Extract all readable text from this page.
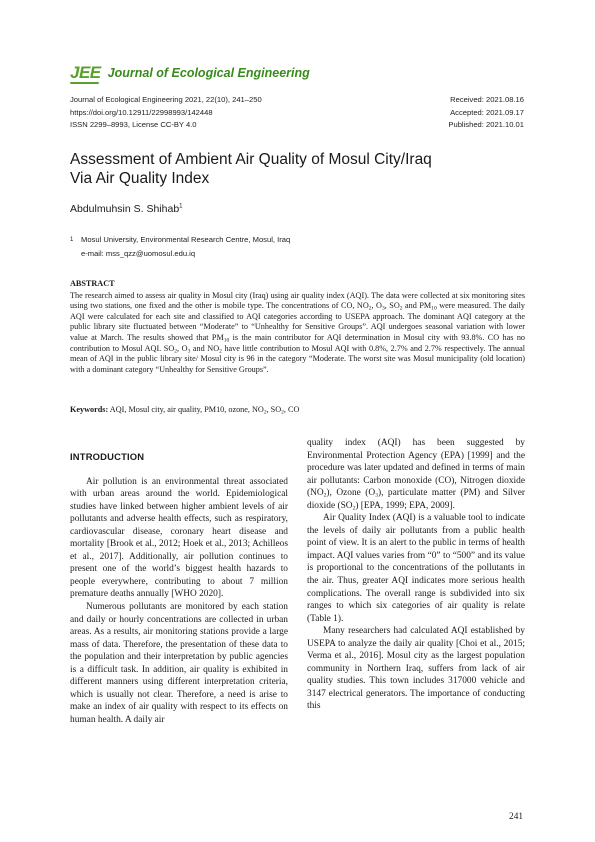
JEE Journal of Ecological Engineering
Journal of Ecological Engineering 2021, 22(10), 241–250
https://doi.org/10.12911/22998993/142448
ISSN 2299–8993, License CC-BY 4.0
Received: 2021.08.16
Accepted: 2021.09.17
Published: 2021.10.01
Assessment of Ambient Air Quality of Mosul City/Iraq
Via Air Quality Index
Abdulmuhsin S. Shihab$^1$
1 Mosul University, Environmental Research Centre, Mosul, Iraq
e-mail: mss_qzz@uomosul.edu.iq
ABSTRACT
The research aimed to assess air quality in Mosul city (Iraq) using air quality index (AQI). The data were collected at six monitoring sites using two stations, one fixed and the other is mobile type. The concentrations of CO, $NO_2$, $O_3$, $SO_2$ and $PM_{10}$ were measured. The daily AQI were calculated for each site and classified to AQI categories according to USEPA approach. The dominant AQI category at the public library site fluctuated between “Moderate” to “Unhealthy for Sensitive Groups”. AQI undergoes seasonal variation with lower value at March. The results showed that $PM_{10}$ is the main contributor for AQI determination in Mosul city with 93.8%. CO has no contribution to Mosul AQI. $SO_2$, $O_3$ and $NO_2$ have little contribution to Mosul AQI with 0.8%, 2.7% and 2.7% respectively. The annual mean of AQI in the public library site/ Mosul city is 96 in the category “Moderate. The worst site was Mosul municipality (old location) with a dominant category “Unhealthy for Sensitive Groups”.
Keywords: AQI, Mosul city, air quality, PM10, ozone, $NO_2$, $SO_2$, CO
INTRODUCTION

Air pollution is an environmental threat associated with urban areas around the world. Epidemiological studies have linked between higher ambient levels of air pollutants and adverse health effects, such as respiratory, cardiovascular disease, coronary heart disease and mortality [Brook et al., 2012; Hoek et al., 2013; Achilleos et al., 2017]. Additionally, air pollution continues to present one of the world’s biggest health hazards to people everywhere, contributing to about 7 million premature deaths annually [WHO 2020].

Numerous pollutants are monitored by each station and daily or hourly concentrations are collected in urban areas. As a results, air monitoring stations provide a large mass of data. Therefore, the presentation of these data to the population and their interpretation by public agencies is a difficult task. In addition, air quality is exhibited in different manners using different interpretation criteria, which is usually not clear. Therefore, a need is arise to make an index of air quality with respect to its effects on human health. A daily air

quality index (AQI) has been suggested by Environmental Protection Agency (EPA) [1999] and the procedure was later updated and defined in terms of main air pollutants: Carbon monoxide (CO), Nitrogen dioxide $(NO_2)$, Ozone $(O_3)$, particulate matter (PM) and Silver dioxide $(SO_2)$ [EPA, 1999; EPA, 2009].

Air Quality Index (AQI) is a valuable tool to indicate the levels of daily air pollutants from a public health point of view. It is an alert to the public in terms of health impact. AQI values varies from “0” to “500” and its value is proportional to the concentrations of the pollutants in the air. Thus, greater AQI indicates more serious health complications. The overall range is subdivided into six ranges to which six categories of air quality is relate (Table 1).

Many researchers had calculated AQI established by USEPA to analyze the daily air quality [Choi et al., 2015; Verma et al., 2016]. Mosul city as the largest population community in Northern Iraq, suffers from lack of air quality studies. This town includes 317000 vehicle and 3147 electrical generators. The importance of conducting this

241
